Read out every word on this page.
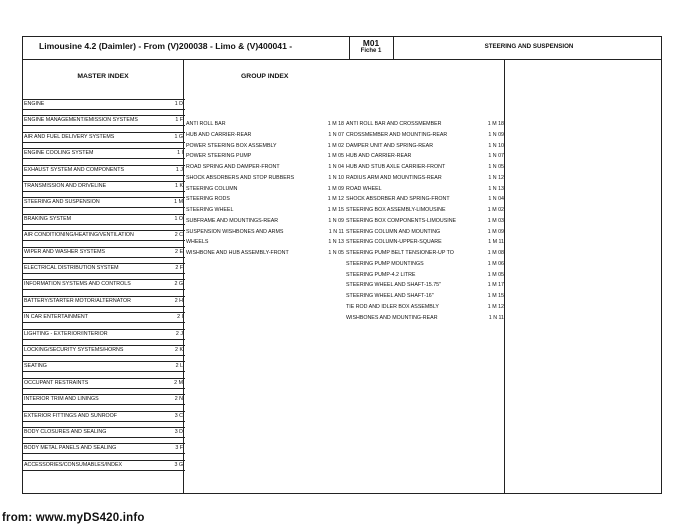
Limousine 4.2 (Daimler) - From (V)200038 - Limo & (V)400041 -	M01
Fiche 1
STEERING AND SUSPENSION
MASTER INDEX	GROUP INDEX
ENGINE	1 D
ENGINE MANAGEMENT/EMISSION SYSTEMS	1 F
AIR AND FUEL DELIVERY SYSTEMS	1 G
ENGINE COOLING SYSTEM	1 I
EXHAUST SYSTEM AND COMPONENTS	1 J
TRANSMISSION AND DRIVELINE	1 K
STEERING AND SUSPENSION	1 M
BRAKING SYSTEM	1 O
AIR CONDITIONING/HEATING/VENTILATION	2 C
WIPER AND WASHER SYSTEMS	2 E
ELECTRICAL DISTRIBUTION SYSTEM	2 F
INFORMATION SYSTEMS AND CONTROLS	2 G
BATTERY/STARTER MOTOR/ALTERNATOR	2 H
IN CAR ENTERTAINMENT	2 I
LIGHTING - EXTERIOR/INTERIOR	2 J
LOCKING/SECURITY SYSTEMS/HORNS	2 K
SEATING	2 L
OCCUPANT RESTRAINTS	2 M
INTERIOR TRIM AND LININGS	2 N
EXTERIOR FITTINGS AND SUNROOF	3 C
BODY CLOSURES AND SEALING	3 D
BODY METAL PANELS AND SEALING	3 F
ACCESSORIES/CONSUMABLES/INDEX	3 G
ANTI ROLL BAR	1 M 18
HUB AND CARRIER-REAR	1 N 07
POWER STEERING BOX ASSEMBLY	1 M 02
POWER STEERING PUMP	1 M 05
ROAD SPRING AND DAMPER-FRONT	1 N 04
SHOCK ABSORBERS AND STOP RUBBERS	1 N 10
STEERING COLUMN	1 M 09
STEERING RODS	1 M 12
STEERING WHEEL	1 M 15
SUBFRAME AND MOUNTINGS-REAR	1 N 09
SUSPENSION WISHBONES AND ARMS	1 N 11
WHEELS	1 N 13
WISHBONE AND HUB ASSEMBLY-FRONT	1 N 05
ANTI ROLL BAR AND CROSSMEMBER	1 M 18
CROSSMEMBER AND MOUNTING-REAR	1 N 09
DAMPER UNIT AND SPRING-REAR	1 N 10
HUB AND CARRIER-REAR	1 N 07
HUB AND STUB AXLE CARRIER-FRONT	1 N 05
RADIUS ARM AND MOUNTINGS-REAR	1 N 12
ROAD WHEEL	1 N 13
SHOCK ABSORBER AND SPRING-FRONT	1 N 04
STEERING BOX ASSEMBLY-LIMOUSINE	1 M 02
STEERING BOX COMPONENTS-LIMOUSINE	1 M 03
STEERING COLUMN AND MOUNTING	1 M 09
STEERING COLUMN-UPPER-SQUARE	1 M 11
STEERING PUMP BELT TENSIONER-UP TO	1 M 08
STEERING PUMP MOUNTINGS	1 M 06
STEERING PUMP-4.2 LITRE	1 M 05
STEERING WHEEL AND SHAFT-15.75"	1 M 17
STEERING WHEEL AND SHAFT-16"	1 M 15
TIE ROD AND IDLER BOX ASSEMBLY	1 M 12
WISHBONES AND MOUNTING-REAR	1 N 11
from: www.myDS420.info
